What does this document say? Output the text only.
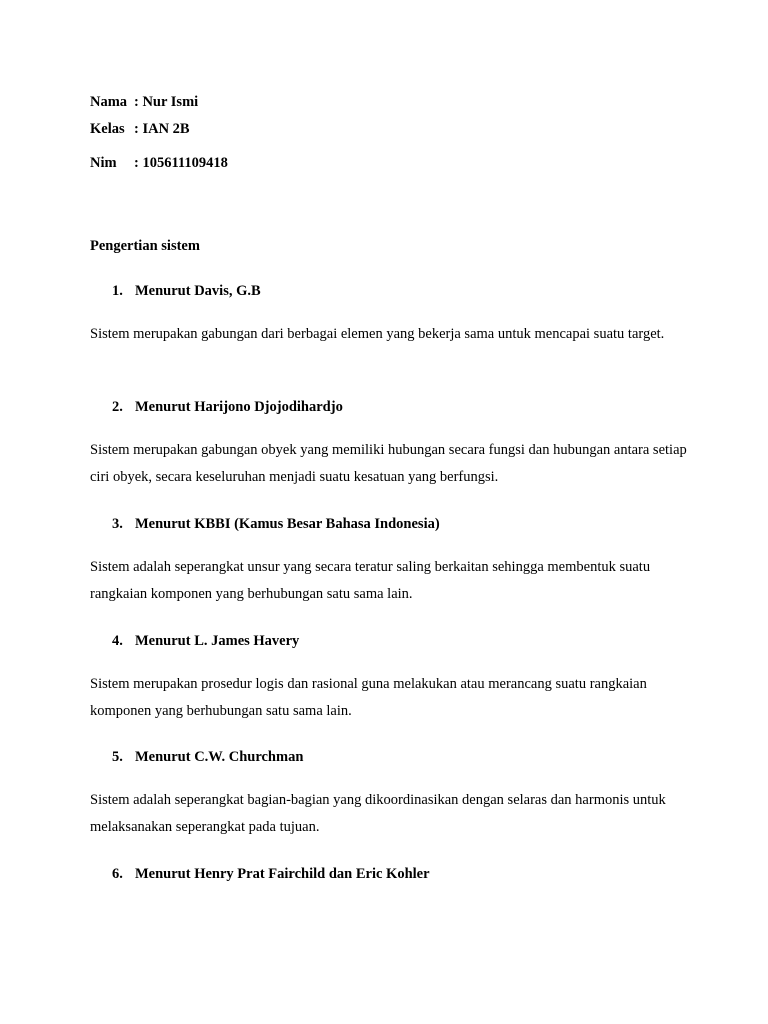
Nama : Nur Ismi
Kelas : IAN 2B
Nim : 105611109418
Pengertian sistem
1. Menurut Davis, G.B
Sistem merupakan gabungan dari berbagai elemen yang bekerja sama untuk mencapai suatu target.
2. Menurut Harijono Djojodihardjo
Sistem merupakan gabungan obyek yang memiliki hubungan secara fungsi dan hubungan antara setiap ciri obyek, secara keseluruhan menjadi suatu kesatuan yang berfungsi.
3. Menurut KBBI (Kamus Besar Bahasa Indonesia)
Sistem adalah seperangkat unsur yang secara teratur saling berkaitan sehingga membentuk suatu rangkaian komponen yang berhubungan satu sama lain.
4. Menurut L. James Havery
Sistem merupakan prosedur logis dan rasional guna melakukan atau merancang suatu rangkaian komponen yang berhubungan satu sama lain.
5. Menurut C.W. Churchman
Sistem adalah seperangkat bagian-bagian yang dikoordinasikan dengan selaras dan harmonis untuk melaksanakan seperangkat pada tujuan.
6. Menurut Henry Prat Fairchild dan Eric Kohler
